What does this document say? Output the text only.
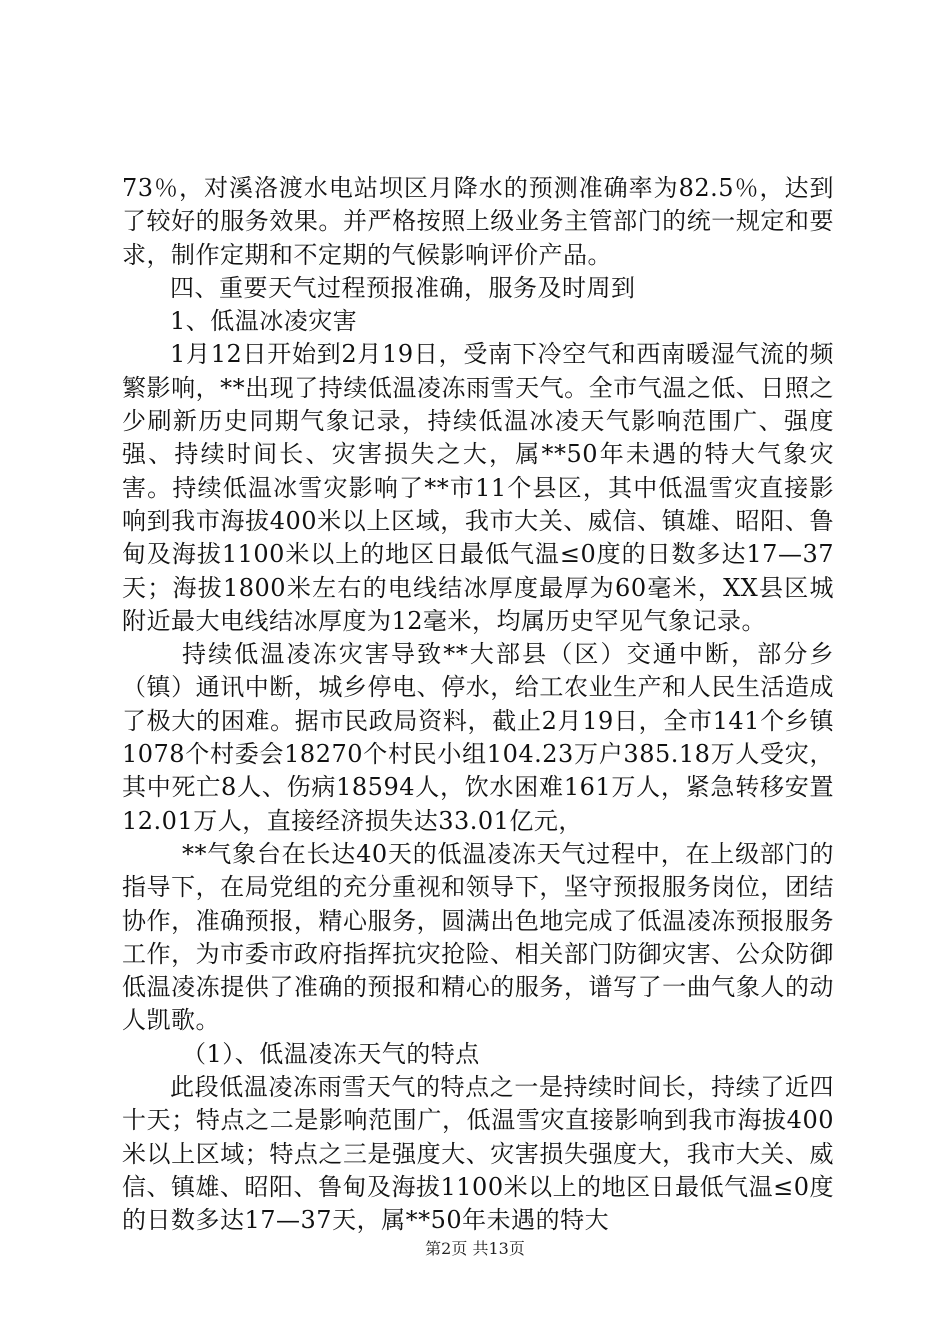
73％，对溪洛渡水电站坝区月降水的预测准确率为82.5％，达到了较好的服务效果。并严格按照上级业务主管部门的统一规定和要求，制作定期和不定期的气候影响评价产品。

四、重要天气过程预报准确，服务及时周到

1、低温冰凌灾害

1月12日开始到2月19日，受南下冷空气和西南暖湿气流的频繁影响，**出现了持续低温凌冻雨雪天气。全市气温之低、日照之少刷新历史同期气象记录，持续低温冰凌天气影响范围广、强度强、持续时间长、灾害损失之大，属**50年未遇的特大气象灾害。持续低温冰雪灾影响了**市11个县区，其中低温雪灾直接影响到我市海拔400米以上区域，我市大关、威信、镇雄、昭阳、鲁甸及海拔1100米以上的地区日最低气温≤0度的日数多达17—37天；海拔1800米左右的电线结冰厚度最厚为60毫米，XX县区城附近最大电线结冰厚度为12毫米，均属历史罕见气象记录。

持续低温凌冻灾害导致**大部县（区）交通中断，部分乡（镇）通讯中断，城乡停电、停水，给工农业生产和人民生活造成了极大的困难。据市民政局资料，截止2月19日，全市141个乡镇1078个村委会18270个村民小组104.23万户385.18万人受灾，其中死亡8人、伤病18594人，饮水困难161万人，紧急转移安置12.01万人，直接经济损失达33.01亿元，

**气象台在长达40天的低温凌冻天气过程中，在上级部门的指导下，在局党组的充分重视和领导下，坚守预报服务岗位，团结协作，准确预报，精心服务，圆满出色地完成了低温凌冻预报服务工作，为市委市政府指挥抗灾抢险、相关部门防御灾害、公众防御低温凌冻提供了准确的预报和精心的服务，谱写了一曲气象人的动人凯歌。

（1）、低温凌冻天气的特点

此段低温凌冻雨雪天气的特点之一是持续时间长，持续了近四十天；特点之二是影响范围广，低温雪灾直接影响到我市海拔400米以上区域；特点之三是强度大、灾害损失强度大，我市大关、威信、镇雄、昭阳、鲁甸及海拔1100米以上的地区日最低气温≤0度的日数多达17—37天，属**50年未遇的特大

第2页 共13页
